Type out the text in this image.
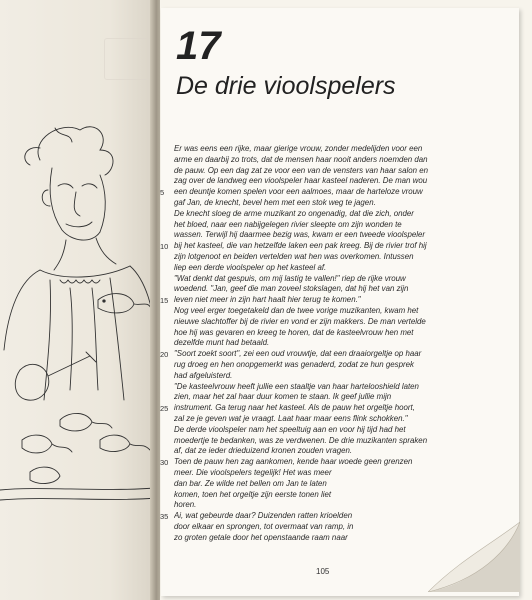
17
De drie vioolspelers
Er was eens een rijke, maar gierige vrouw, zonder medelijden voor een
arme en daarbij zo trots, dat de mensen haar nooit anders noemden dan
de pauw. Op een dag zat ze voor een van de vensters van haar salon en
zag over de landweg een vioolspeler haar kasteel naderen. De man wou
een deuntje komen spelen voor een aalmoes, maar de harteloze vrouw
gaf Jan, de knecht, bevel hem met een stok weg te jagen.
De knecht sloeg de arme muzikant zo ongenadig, dat die zich, onder
het bloed, naar een nabijgelegen rivier sleepte om zijn wonden te
wassen. Terwijl hij daarmee bezig was, kwam er een tweede vioolspeler
bij het kasteel, die van hetzelfde laken een pak kreeg. Bij de rivier trof hij
zijn lotgenoot en beiden vertelden wat hen was overkomen. Intussen
liep een derde vioolspeler op het kasteel af.
"Wat denkt dat gespuis, om mij lastig te vallen!" riep de rijke vrouw
woedend. "Jan, geef die man zoveel stokslagen, dat hij het van zijn
leven niet meer in zijn hart haalt hier terug te komen."
Nog veel erger toegetakeld dan de twee vorige muzikanten, kwam het
nieuwe slachtoffer bij de rivier en vond er zijn makkers. De man vertelde
hoe hij was gevaren en kreeg te horen, dat de kasteelvrouw hen met
dezelfde munt had betaald.
"Soort zoekt soort", zei een oud vrouwtje, dat een draaiorgeltje op haar
rug droeg en hen onopgemerkt was genaderd, zodat ze hun gesprek
had afgeluisterd.
"De kasteelvrouw heeft jullie een staaltje van haar hartelooshield laten
zien, maar het zal haar duur komen te staan. Ik geef jullie mijn
instrument. Ga terug naar het kasteel. Als de pauw het orgeltje hoort,
zal ze je geven wat je vraagt. Laat haar maar eens flink schokken."
De derde vioolspeler nam het speeltuig aan en voor hij tijd had het
moedertje te bedanken, was ze verdwenen. De drie muzikanten spraken
af, dat ze ieder drieduizend kronen zouden vragen.
Toen de pauw hen zag aankomen, kende haar woede geen grenzen
meer. Die vioolspelers tegelijk! Het was meer
dan bar. Ze wilde net bellen om Jan te laten
komen, toen het orgeltje zijn eerste tonen liet
horen.
Ai, wat gebeurde daar? Duizenden ratten krioelden
door elkaar en sprongen, tot overmaat van ramp, in
zo groten getale door het openstaande raam naar
5
10
15
20
25
30
35
105
